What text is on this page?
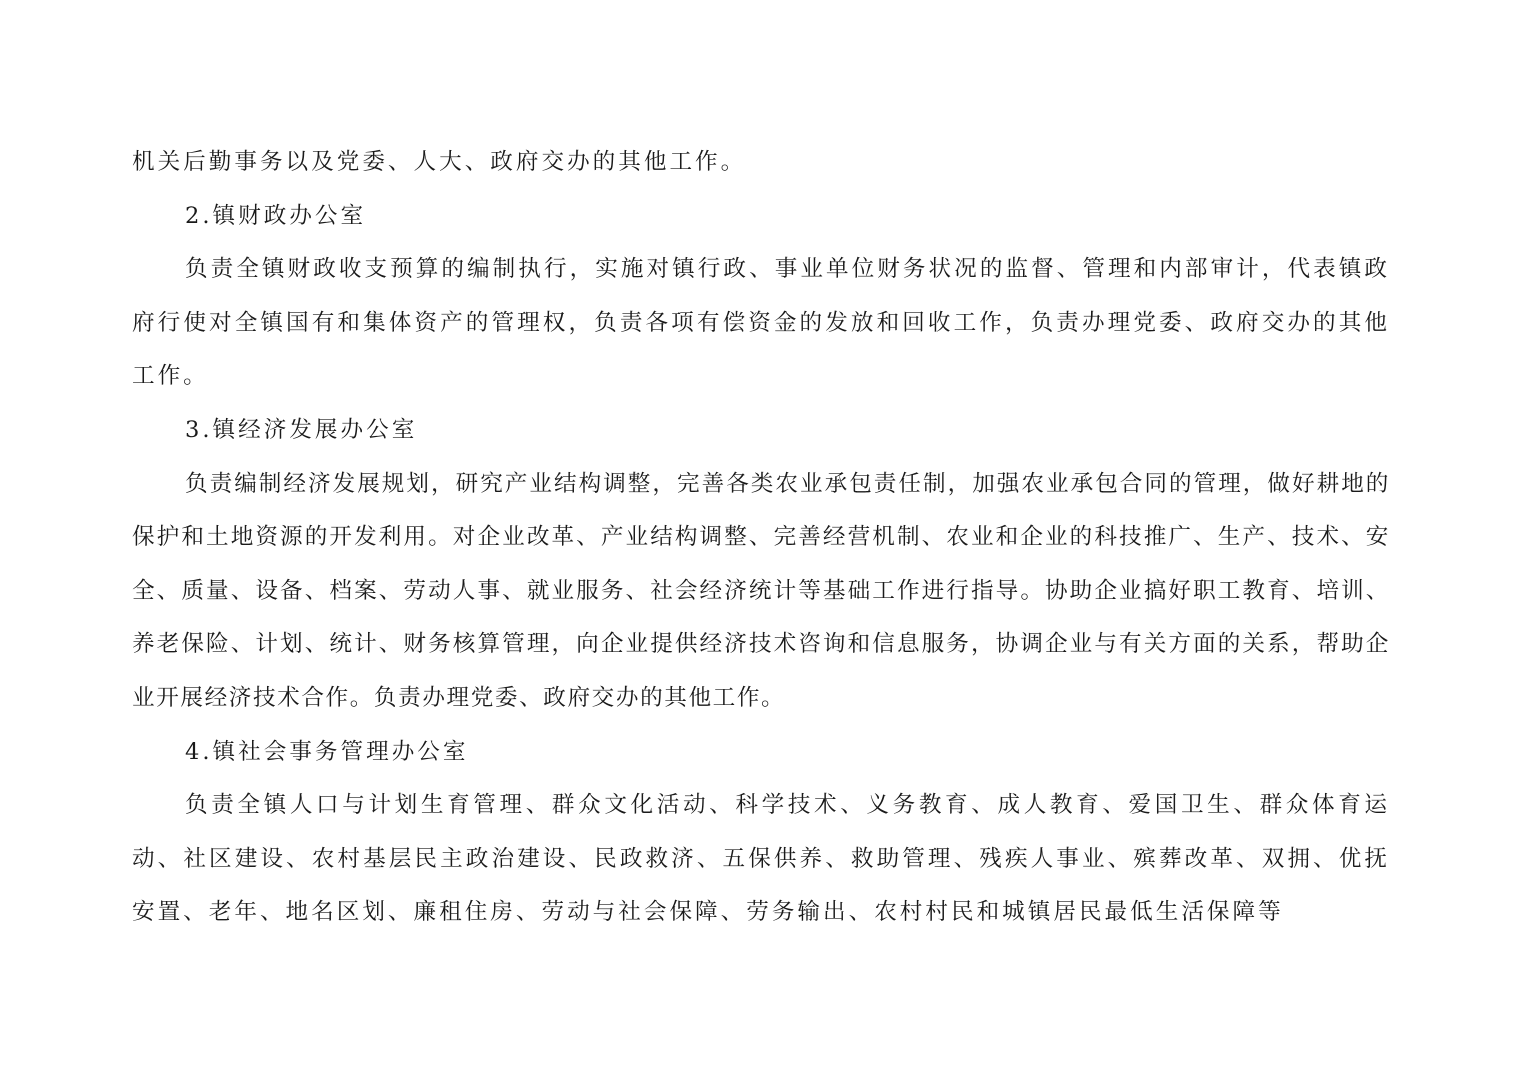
机关后勤事务以及党委、人大、政府交办的其他工作。

2.镇财政办公室

负责全镇财政收支预算的编制执行，实施对镇行政、事业单位财务状况的监督、管理和内部审计，代表镇政府行使对全镇国有和集体资产的管理权，负责各项有偿资金的发放和回收工作，负责办理党委、政府交办的其他工作。

3.镇经济发展办公室

负责编制经济发展规划，研究产业结构调整，完善各类农业承包责任制，加强农业承包合同的管理，做好耕地的保护和土地资源的开发利用。对企业改革、产业结构调整、完善经营机制、农业和企业的科技推广、生产、技术、安全、质量、设备、档案、劳动人事、就业服务、社会经济统计等基础工作进行指导。协助企业搞好职工教育、培训、养老保险、计划、统计、财务核算管理，向企业提供经济技术咨询和信息服务，协调企业与有关方面的关系，帮助企业开展经济技术合作。负责办理党委、政府交办的其他工作。

4.镇社会事务管理办公室

负责全镇人口与计划生育管理、群众文化活动、科学技术、义务教育、成人教育、爱国卫生、群众体育运动、社区建设、农村基层民主政治建设、民政救济、五保供养、救助管理、残疾人事业、殡葬改革、双拥、优抚安置、老年、地名区划、廉租住房、劳动与社会保障、劳务输出、农村村民和城镇居民最低生活保障等
